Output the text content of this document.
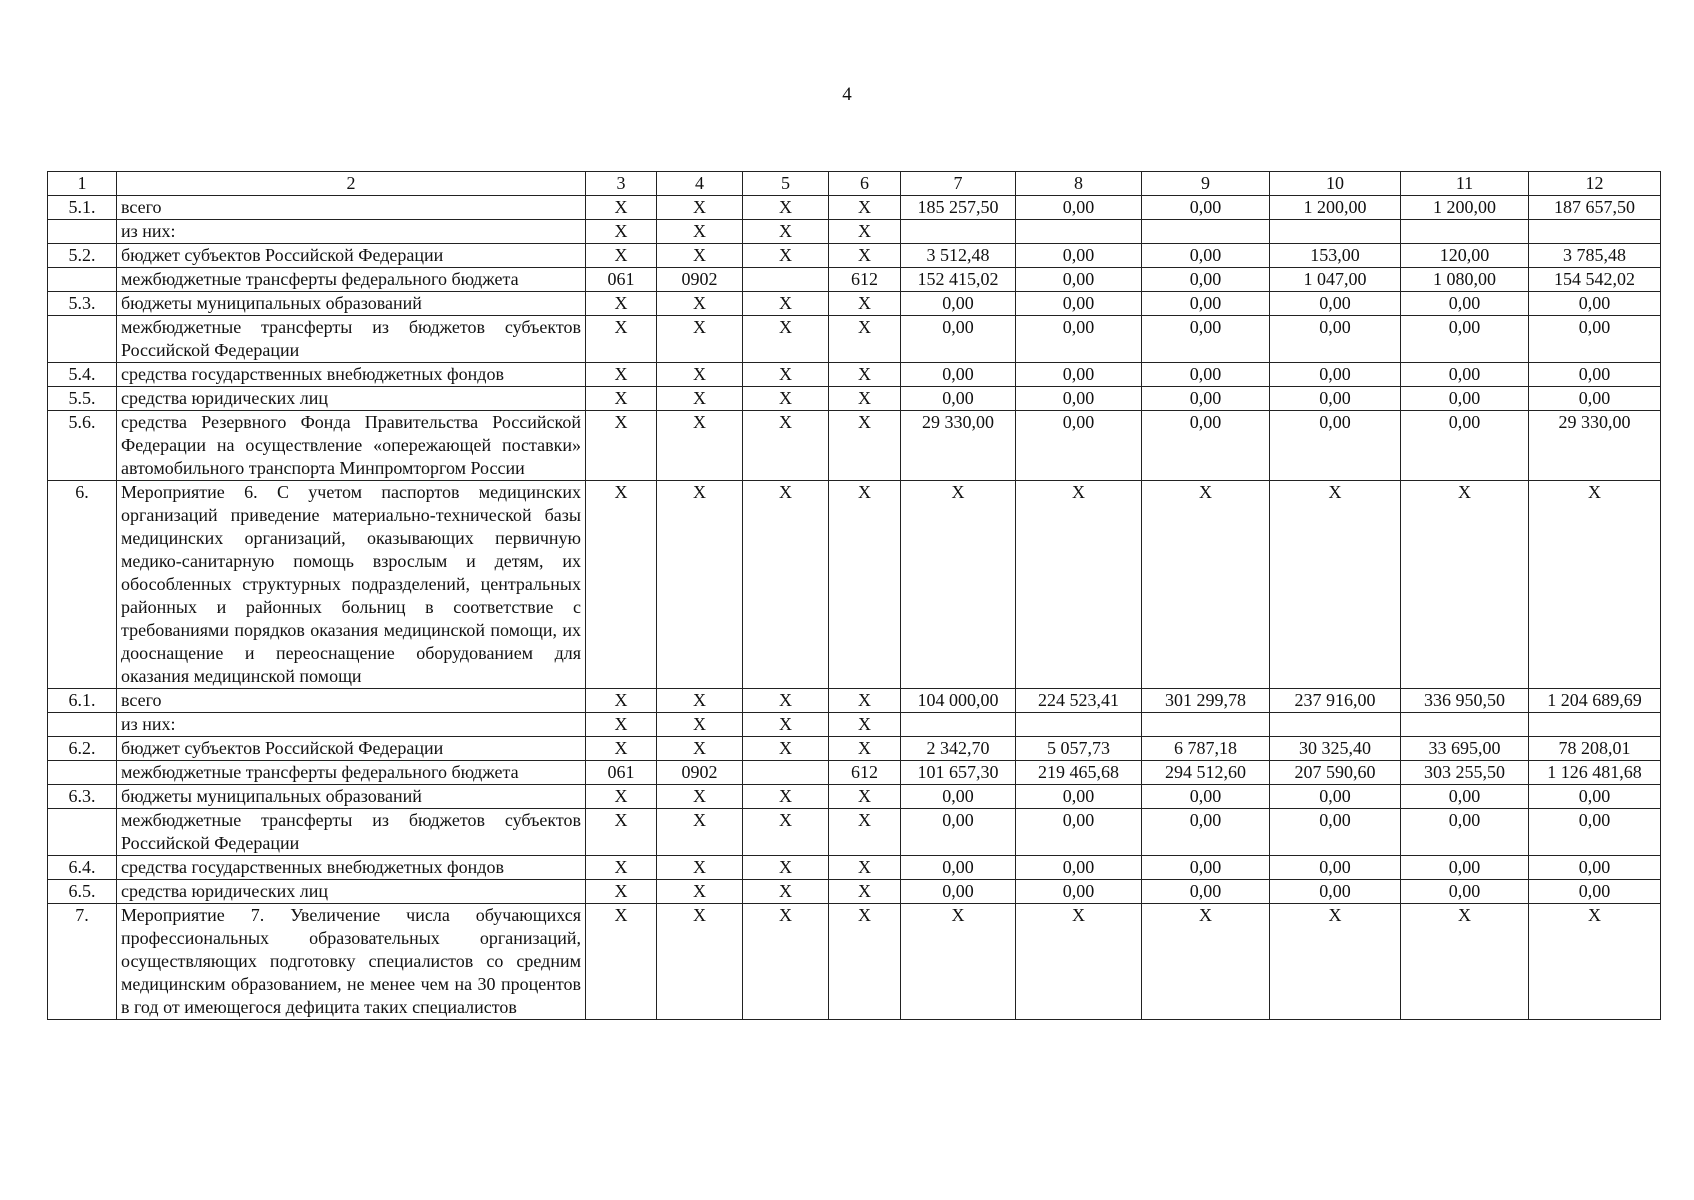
4
1	2	3	4	5	6	7	8	9	10	11	12
5.1.	всего	X	X	X	X	185 257,50	0,00	0,00	1 200,00	1 200,00	187 657,50
	из них:	X	X	X	X						
5.2.	бюджет субъектов Российской Федерации	X	X	X	X	3 512,48	0,00	0,00	153,00	120,00	3 785,48
	межбюджетные трансферты федерального бюджета	061	0902		612	152 415,02	0,00	0,00	1 047,00	1 080,00	154 542,02
5.3.	бюджеты муниципальных образований	X	X	X	X	0,00	0,00	0,00	0,00	0,00	0,00
	межбюджетные трансферты из бюджетов субъектов Российской Федерации	X	X	X	X	0,00	0,00	0,00	0,00	0,00	0,00
5.4.	средства государственных внебюджетных фондов	X	X	X	X	0,00	0,00	0,00	0,00	0,00	0,00
5.5.	средства юридических лиц	X	X	X	X	0,00	0,00	0,00	0,00	0,00	0,00
5.6.	средства Резервного Фонда Правительства Российской Федерации на осуществление «опережающей поставки» автомобильного транспорта Минпромторгом России	X	X	X	X	29 330,00	0,00	0,00	0,00	0,00	29 330,00
6.	Мероприятие 6. С учетом паспортов медицинских организаций приведение материально-технической базы медицинских организаций, оказывающих первичную медико-санитарную помощь взрослым и детям, их обособленных структурных подразделений, центральных районных и районных больниц в соответствие с требованиями порядков оказания медицинской помощи, их дооснащение и переоснащение оборудованием для оказания медицинской помощи	X	X	X	X	X	X	X	X	X	X
6.1.	всего	X	X	X	X	104 000,00	224 523,41	301 299,78	237 916,00	336 950,50	1 204 689,69
	из них:	X	X	X	X						
6.2.	бюджет субъектов Российской Федерации	X	X	X	X	2 342,70	5 057,73	6 787,18	30 325,40	33 695,00	78 208,01
	межбюджетные трансферты федерального бюджета	061	0902		612	101 657,30	219 465,68	294 512,60	207 590,60	303 255,50	1 126 481,68
6.3.	бюджеты муниципальных образований	X	X	X	X	0,00	0,00	0,00	0,00	0,00	0,00
	межбюджетные трансферты из бюджетов субъектов Российской Федерации	X	X	X	X	0,00	0,00	0,00	0,00	0,00	0,00
6.4.	средства государственных внебюджетных фондов	X	X	X	X	0,00	0,00	0,00	0,00	0,00	0,00
6.5.	средства юридических лиц	X	X	X	X	0,00	0,00	0,00	0,00	0,00	0,00
7.	Мероприятие 7. Увеличение числа обучающихся профессиональных образовательных организаций, осуществляющих подготовку специалистов со средним медицинским образованием, не менее чем на 30 процентов в год от имеющегося дефицита таких специалистов	X	X	X	X	X	X	X	X	X	X
